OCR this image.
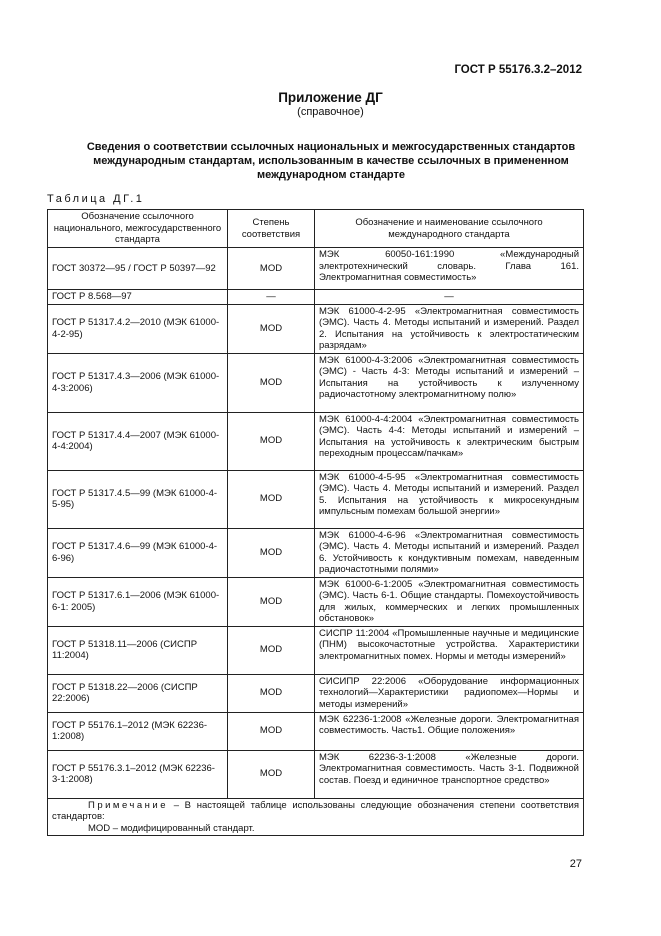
ГОСТ Р 55176.3.2–2012
Приложение ДГ
(справочное)
Сведения о соответствии ссылочных национальных и межгосударственных стандартов международным стандартам, использованным в качестве ссылочных в примененном международном стандарте
Таблица ДГ.1
Обозначение ссылочного национального, межгосударственного стандарта	Степень соответствия	Обозначение и наименование ссылочного международного стандарта
ГОСТ 30372—95 / ГОСТ Р 50397—92	MOD	МЭК 60050-161:1990 «Международный электротехнический словарь. Глава 161. Электромагнитная совместимость»
ГОСТ Р 8.568—97	—	—

ГОСТ Р 51317.4.2—2010 (МЭК 61000-4-2-95)	MOD	МЭК 61000-4-2-95 «Электромагнитная совместимость (ЭМС). Часть 4. Методы испытаний и измерений. Раздел 2. Испытания на устойчивость к электростатическим разрядам»

ГОСТ Р 51317.4.3—2006 (МЭК 61000-4-3:2006)	MOD	МЭК 61000-4-3:2006 «Электромагнитная совместимость (ЭМС) - Часть 4-3: Методы испытаний и измерений – Испытания на устойчивость к излученному радиочастотному электромагнитному полю»

ГОСТ Р 51317.4.4—2007 (МЭК 61000-4-4:2004)	MOD	МЭК 61000-4-4:2004 «Электромагнитная совместимость (ЭМС). Часть 4-4: Методы испытаний и измерений – Испытания на устойчивость к электрическим быстрым переходным процессам/пачкам»

ГОСТ Р 51317.4.5—99 (МЭК 61000-4-5-95)	MOD	МЭК 61000-4-5-95 «Электромагнитная совместимость (ЭМС). Часть 4. Методы испытаний и измерений. Раздел 5. Испытания на устойчивость к микросекундным импульсным помехам большой энергии»

ГОСТ Р 51317.4.6—99 (МЭК 61000-4-6-96)	MOD	МЭК 61000-4-6-96 «Электромагнитная совместимость (ЭМС). Часть 4. Методы испытаний и измерений. Раздел 6. Устойчивость к кондуктивным помехам, наведенным радиочастотными полями»

ГОСТ Р 51317.6.1—2006 (МЭК 61000-6-1: 2005)	MOD	МЭК 61000-6-1:2005 «Электромагнитная совместимость (ЭМС). Часть 6-1. Общие стандарты. Помехоустойчивость для жилых, коммерческих и легких промышленных обстановок»

ГОСТ Р 51318.11—2006 (СИСПР 11:2004)	MOD	СИСПР 11:2004 «Промышленные научные и медицинские (ПНМ) высокочастотные устройства. Характеристики электромагнитных помех. Нормы и методы измерений»

ГОСТ Р 51318.22—2006 (СИСПР 22:2006)	MOD	СИСИПР 22:2006 «Оборудование информационных технологий—Характеристики радиопомех—Нормы и методы измерений»

ГОСТ Р 55176.1–2012 (МЭК 62236-1:2008)	MOD	МЭК 62236-1:2008 «Железные дороги. Электромагнитная совместимость. Часть1. Общие положения»

ГОСТ Р 55176.3.1–2012 (МЭК 62236-3-1:2008)	MOD	МЭК 62236-3-1:2008 «Железные дороги. Электромагнитная совместимость. Часть 3-1. Подвижной состав. Поезд и единичное транспортное средство»

Примечание – В настоящей таблице использованы следующие обозначения степени соответствия стандартов:
MOD – модифицированный стандарт.		
27
